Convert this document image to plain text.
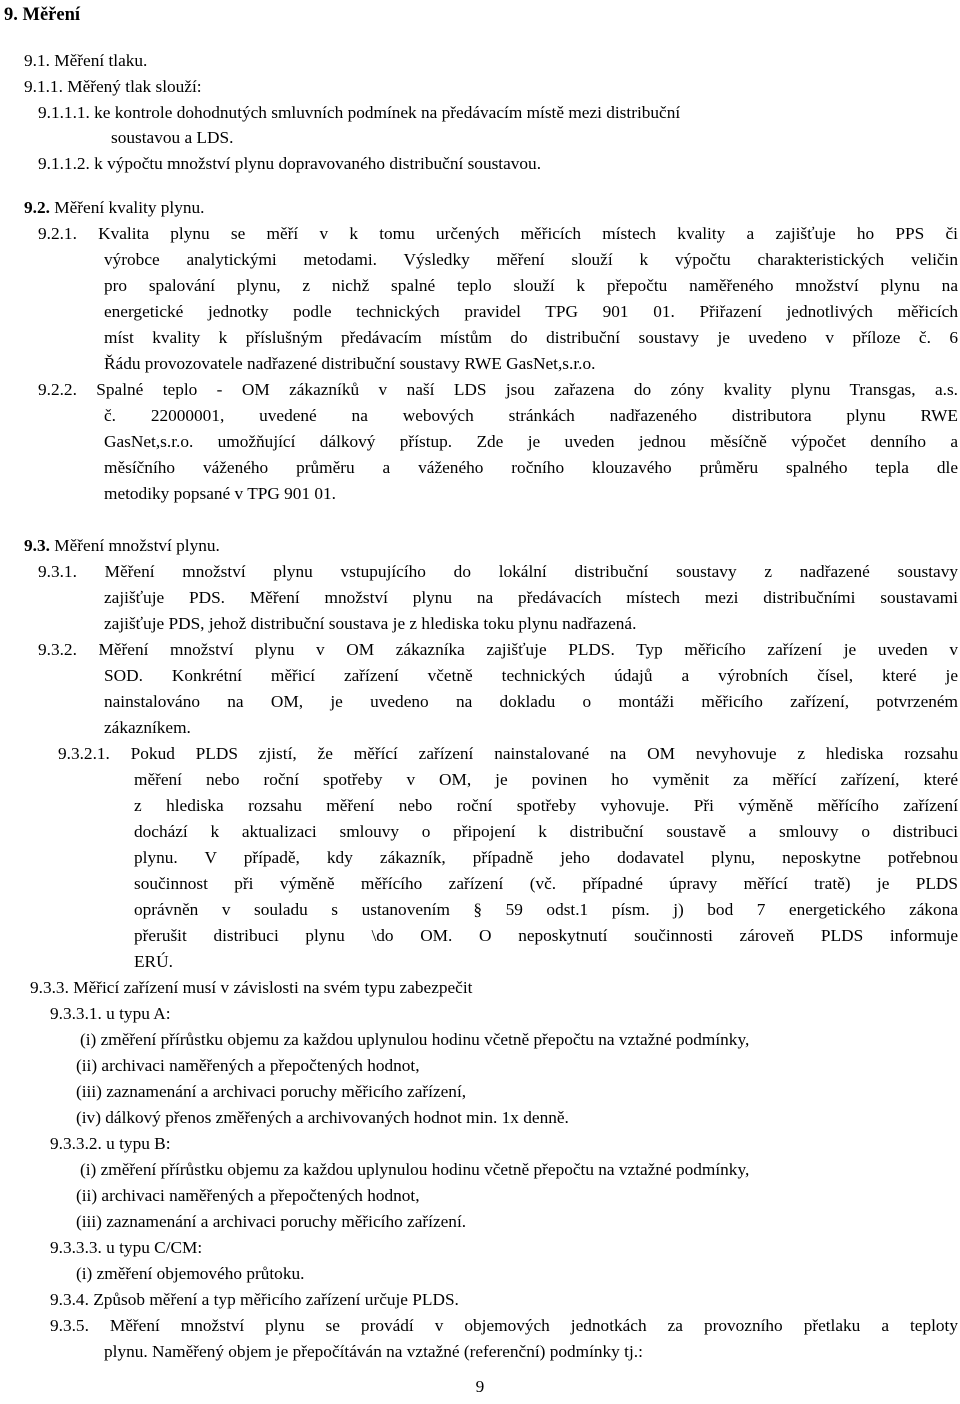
9. Měření
9.1. Měření tlaku.
9.1.1. Měřený tlak slouží:
9.1.1.1. ke kontrole dohodnutých smluvních podmínek na předávacím místě mezi distribuční
soustavou a LDS.
9.1.1.2. k výpočtu množství plynu dopravovaného distribuční soustavou.
9.2. Měření kvality plynu.
9.2.1. Kvalita plynu se měří v k tomu určených měřicích místech kvality a zajišťuje ho PPS či
výrobce analytickými metodami. Výsledky měření slouží k výpočtu charakteristických veličin
pro spalování plynu, z nichž spalné teplo slouží k přepočtu naměřeného množství plynu na
energetické jednotky podle technických pravidel TPG 901 01. Přiřazení jednotlivých měřicích
míst kvality k příslušným předávacím místům do distribuční soustavy je uvedeno v příloze č. 6
Řádu provozovatele nadřazené distribuční soustavy RWE GasNet,s.r.o.
9.2.2. Spalné teplo - OM zákazníků v naší LDS jsou zařazena do zóny kvality plynu Transgas, a.s.
č. 22000001, uvedené na webových stránkách nadřazeného distributora plynu RWE
GasNet,s.r.o. umožňující dálkový přístup. Zde je uveden jednou měsíčně výpočet denního a
měsíčního váženého průměru a váženého ročního klouzavého průměru spalného tepla dle
metodiky popsané v TPG 901 01.
9.3. Měření množství plynu.
9.3.1. Měření množství plynu vstupujícího do lokální distribuční soustavy z nadřazené soustavy
zajišťuje PDS. Měření množství plynu na předávacích místech mezi distribučními soustavami
zajišťuje PDS, jehož distribuční soustava je z hlediska toku plynu nadřazená.
9.3.2. Měření množství plynu v OM zákazníka zajišťuje PLDS. Typ měřicího zařízení je uveden v
SOD. Konkrétní měřicí zařízení včetně technických údajů a výrobních čísel, které je
nainstalováno na OM, je uvedeno na dokladu o montáži měřicího zařízení, potvrzeném
zákazníkem.
9.3.2.1. Pokud PLDS zjistí, že měřící zařízení nainstalované na OM nevyhovuje z hlediska rozsahu
měření nebo roční spotřeby v OM, je povinen ho vyměnit za měřící zařízení, které
z hlediska rozsahu měření nebo roční spotřeby vyhovuje. Při výměně měřícího zařízení
dochází k aktualizaci smlouvy o připojení k distribuční soustavě a smlouvy o distribuci
plynu. V případě, kdy zákazník, případně jeho dodavatel plynu, neposkytne potřebnou
součinnost při výměně měřícího zařízení (vč. případné úpravy měřící tratě) je PLDS
oprávněn v souladu s ustanovením § 59 odst.1 písm. j) bod 7 energetického zákona
přerušit distribuci plynu \do OM. O neposkytnutí součinnosti zároveň PLDS informuje
ERÚ.
9.3.3. Měřicí zařízení musí v závislosti na svém typu zabezpečit
9.3.3.1. u typu A:
(i) změření přírůstku objemu za každou uplynulou hodinu včetně přepočtu na vztažné podmínky,
(ii) archivaci naměřených a přepočtených hodnot,
(iii) zaznamenání a archivaci poruchy měřicího zařízení,
(iv) dálkový přenos změřených a archivovaných hodnot min. 1x denně.
9.3.3.2. u typu B:
(i) změření přírůstku objemu za každou uplynulou hodinu včetně přepočtu na vztažné podmínky,
(ii) archivaci naměřených a přepočtených hodnot,
(iii) zaznamenání a archivaci poruchy měřicího zařízení.
9.3.3.3. u typu C/CM:
(i) změření objemového průtoku.
9.3.4. Způsob měření a typ měřicího zařízení určuje PLDS.
9.3.5. Měření množství plynu se provádí v objemových jednotkách za provozního přetlaku a teploty
plynu. Naměřený objem je přepočítáván na vztažné (referenční) podmínky tj.:
9
